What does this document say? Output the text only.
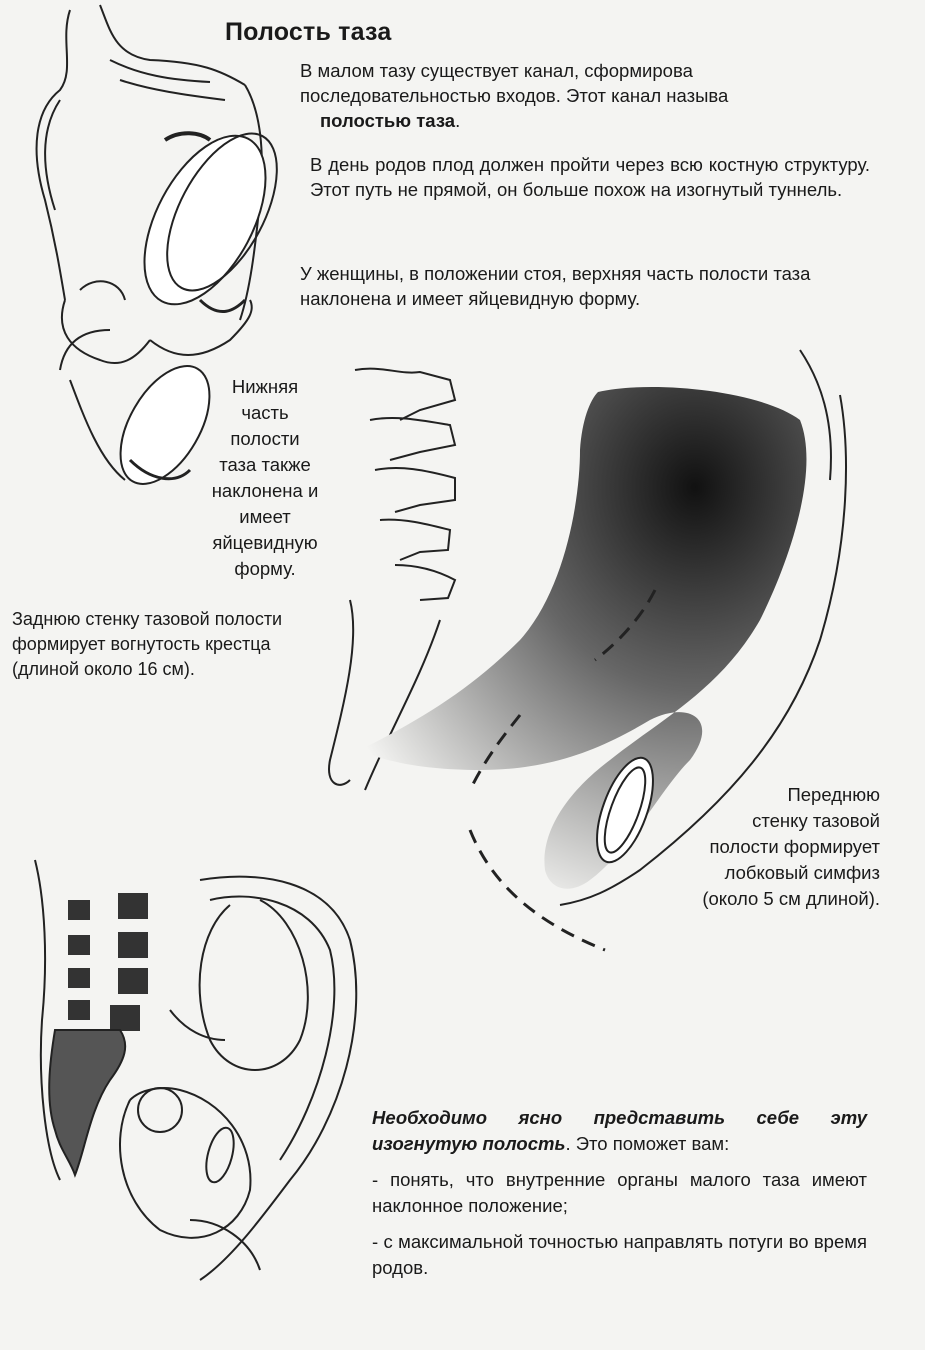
Полость таза
В малом тазу существует канал, сформирова
последовательностью входов. Этот канал называ
полостью таза.
В день родов плод должен пройти через всю костную структуру. Этот путь не прямой, он больше похож на изогнутый туннель.
У женщины, в положении стоя, верхняя часть полости таза наклонена и имеет яйцевидную форму.
Нижняя
часть
полости
таза также
наклонена и
имеет яйцевидную
форму.
Заднюю стенку тазовой полости
формирует вогнутость крестца
(длиной около 16 см).
Переднюю
стенку тазовой
полости формирует
лобковый симфиз
(около 5 см длиной).

Необходимо ясно представить себе эту изогнутую полость. Это поможет вам:

- понять, что внутренние органы малого таза имеют наклонное положение;

- с максимальной точностью направлять потуги во время родов.
